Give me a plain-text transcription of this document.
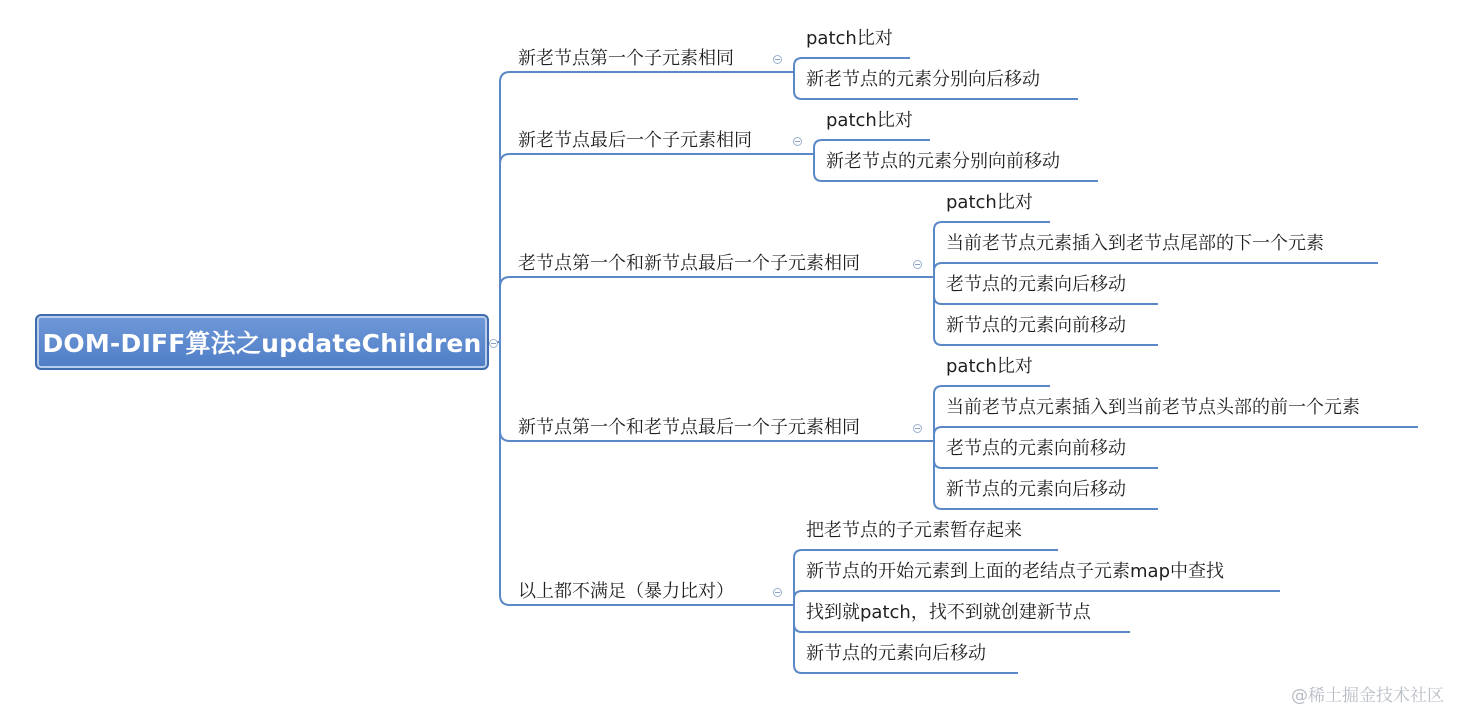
DOM-DIFF算法之updateChildren
新老节点第一个子元素相同
patch比对
新老节点的元素分别向后移动
新老节点最后一个子元素相同
patch比对
新老节点的元素分别向前移动
老节点第一个和新节点最后一个子元素相同
patch比对
当前老节点元素插入到老节点尾部的下一个元素
老节点的元素向后移动
新节点的元素向前移动
新节点第一个和老节点最后一个子元素相同
patch比对
当前老节点元素插入到当前老节点头部的前一个元素
老节点的元素向前移动
新节点的元素向后移动
以上都不满足（暴力比对）
把老节点的子元素暂存起来
新节点的开始元素到上面的老结点子元素map中查找
找到就patch，找不到就创建新节点
新节点的元素向后移动
@稀土掘金技术社区
